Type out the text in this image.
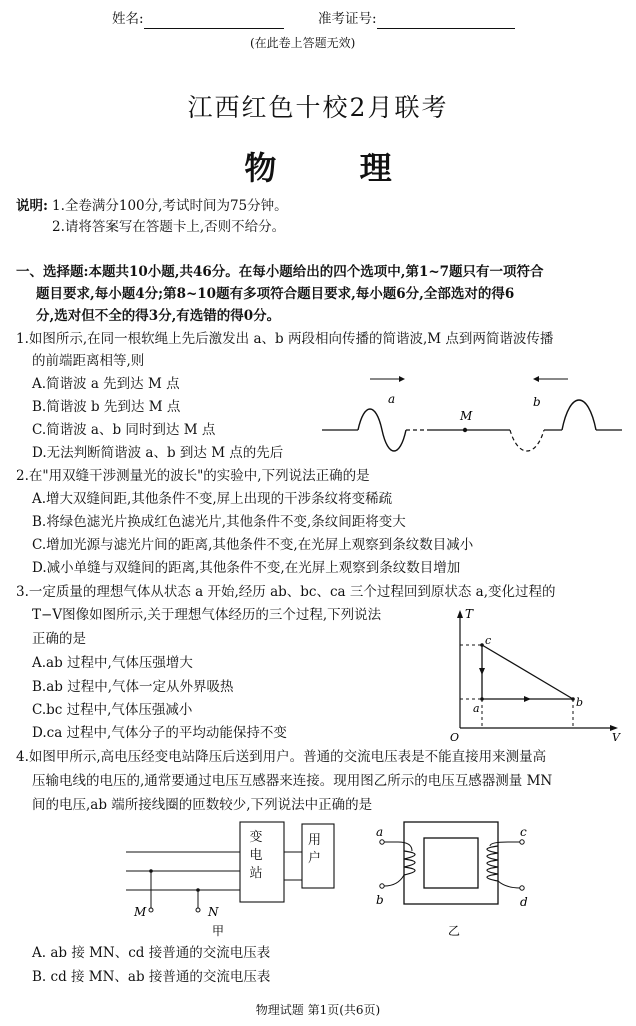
姓名:	准考证号:
(在此卷上答题无效)
江西红色十校2月联考
物 理
说明: 1.全卷满分100分,考试时间为75分钟。
2.请将答案写在答题卡上,否则不给分。
一、选择题:本题共10小题,共46分。在每小题给出的四个选项中,第1~7题只有一项符合
题目要求,每小题4分;第8~10题有多项符合题目要求,每小题6分,全部选对的得6
分,选对但不全的得3分,有选错的得0分。
1.如图所示,在同一根软绳上先后激发出 a、b 两段相向传播的简谐波,M 点到两简谐波传播
的前端距离相等,则
A.简谐波 a 先到达 M 点
B.简谐波 b 先到达 M 点
C.简谐波 a、b 同时到达 M 点
D.无法判断简谐波 a、b 到达 M 点的先后
a
M
b
2.在"用双缝干涉测量光的波长"的实验中,下列说法正确的是
A.增大双缝间距,其他条件不变,屏上出现的干涉条纹将变稀疏
B.将绿色滤光片换成红色滤光片,其他条件不变,条纹间距将变大
C.增加光源与滤光片间的距离,其他条件不变,在光屏上观察到条纹数目减小
D.减小单缝与双缝间的距离,其他条件不变,在光屏上观察到条纹数目增加
3.一定质量的理想气体从状态 a 开始,经历 ab、bc、ca 三个过程回到原状态 a,变化过程的
T−V图像如图所示,关于理想气体经历的三个过程,下列说法
正确的是
A.ab 过程中,气体压强增大
B.ab 过程中,气体一定从外界吸热
C.bc 过程中,气体压强减小
D.ca 过程中,气体分子的平均动能保持不变
T
c
a	b
O	V
4.如图甲所示,高电压经变电站降压后送到用户。普通的交流电压表是不能直接用来测量高
压输电线的电压的,通常要通过电压互感器来连接。现用图乙所示的电压互感器测量 MN
间的电压,ab 端所接线圈的匝数较少,下列说法中正确的是
M	N
甲
变电站
用户
a
b
c
d
乙
A. ab 接 MN、cd 接普通的交流电压表
B. cd 接 MN、ab 接普通的交流电压表
物理试题 第1页(共6页)
